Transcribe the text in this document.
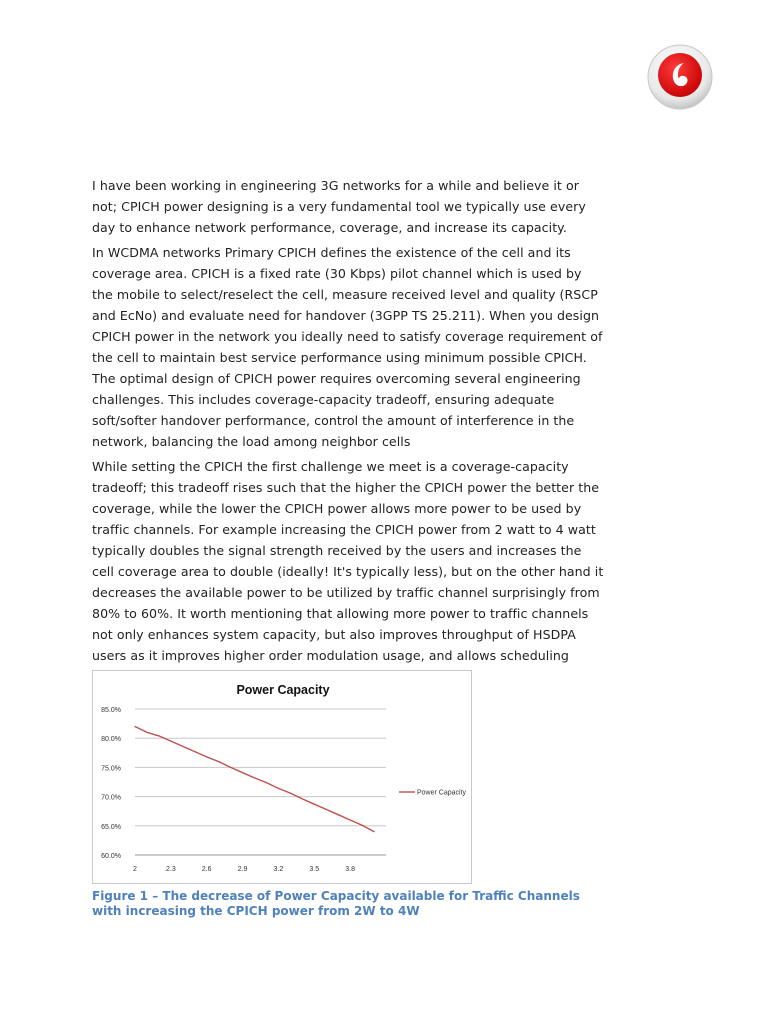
I have been working in engineering 3G networks for a while and believe it or not; CPICH power designing is a very fundamental tool we typically use every day to enhance network performance, coverage, and increase its capacity.

In WCDMA networks Primary CPICH defines the existence of the cell and its coverage area. CPICH is a fixed rate (30 Kbps) pilot channel which is used by the mobile to select/reselect the cell, measure received level and quality (RSCP and EcNo) and evaluate need for handover (3GPP TS 25.211). When you design CPICH power in the network you ideally need to satisfy coverage requirement of the cell to maintain best service performance using minimum possible CPICH. The optimal design of CPICH power requires overcoming several engineering challenges. This includes coverage-capacity tradeoff, ensuring adequate soft/softer handover performance, control the amount of interference in the network, balancing the load among neighbor cells

While setting the CPICH the first challenge we meet is a coverage-capacity tradeoff; this tradeoff rises such that the higher the CPICH power the better the coverage, while the lower the CPICH power allows more power to be used by traffic channels. For example increasing the CPICH power from 2 watt to 4 watt typically doubles the signal strength received by the users and increases the cell coverage area to double (ideally! It's typically less), but on the other hand it decreases the available power to be utilized by traffic channel surprisingly from 80% to 60%. It worth mentioning that allowing more power to traffic channels not only enhances system capacity, but also improves throughput of HSDPA users as it improves higher order modulation usage, and allows scheduling

Power Capacity
60.0%
65.0%
70.0%
75.0%
80.0%
85.0%
2	2.3	2.6	2.9	3.2	3.5	3.8
Power Capacity
Figure 1 – The decrease of Power Capacity available for Traffic Channels with increasing the CPICH power from 2W to 4W
